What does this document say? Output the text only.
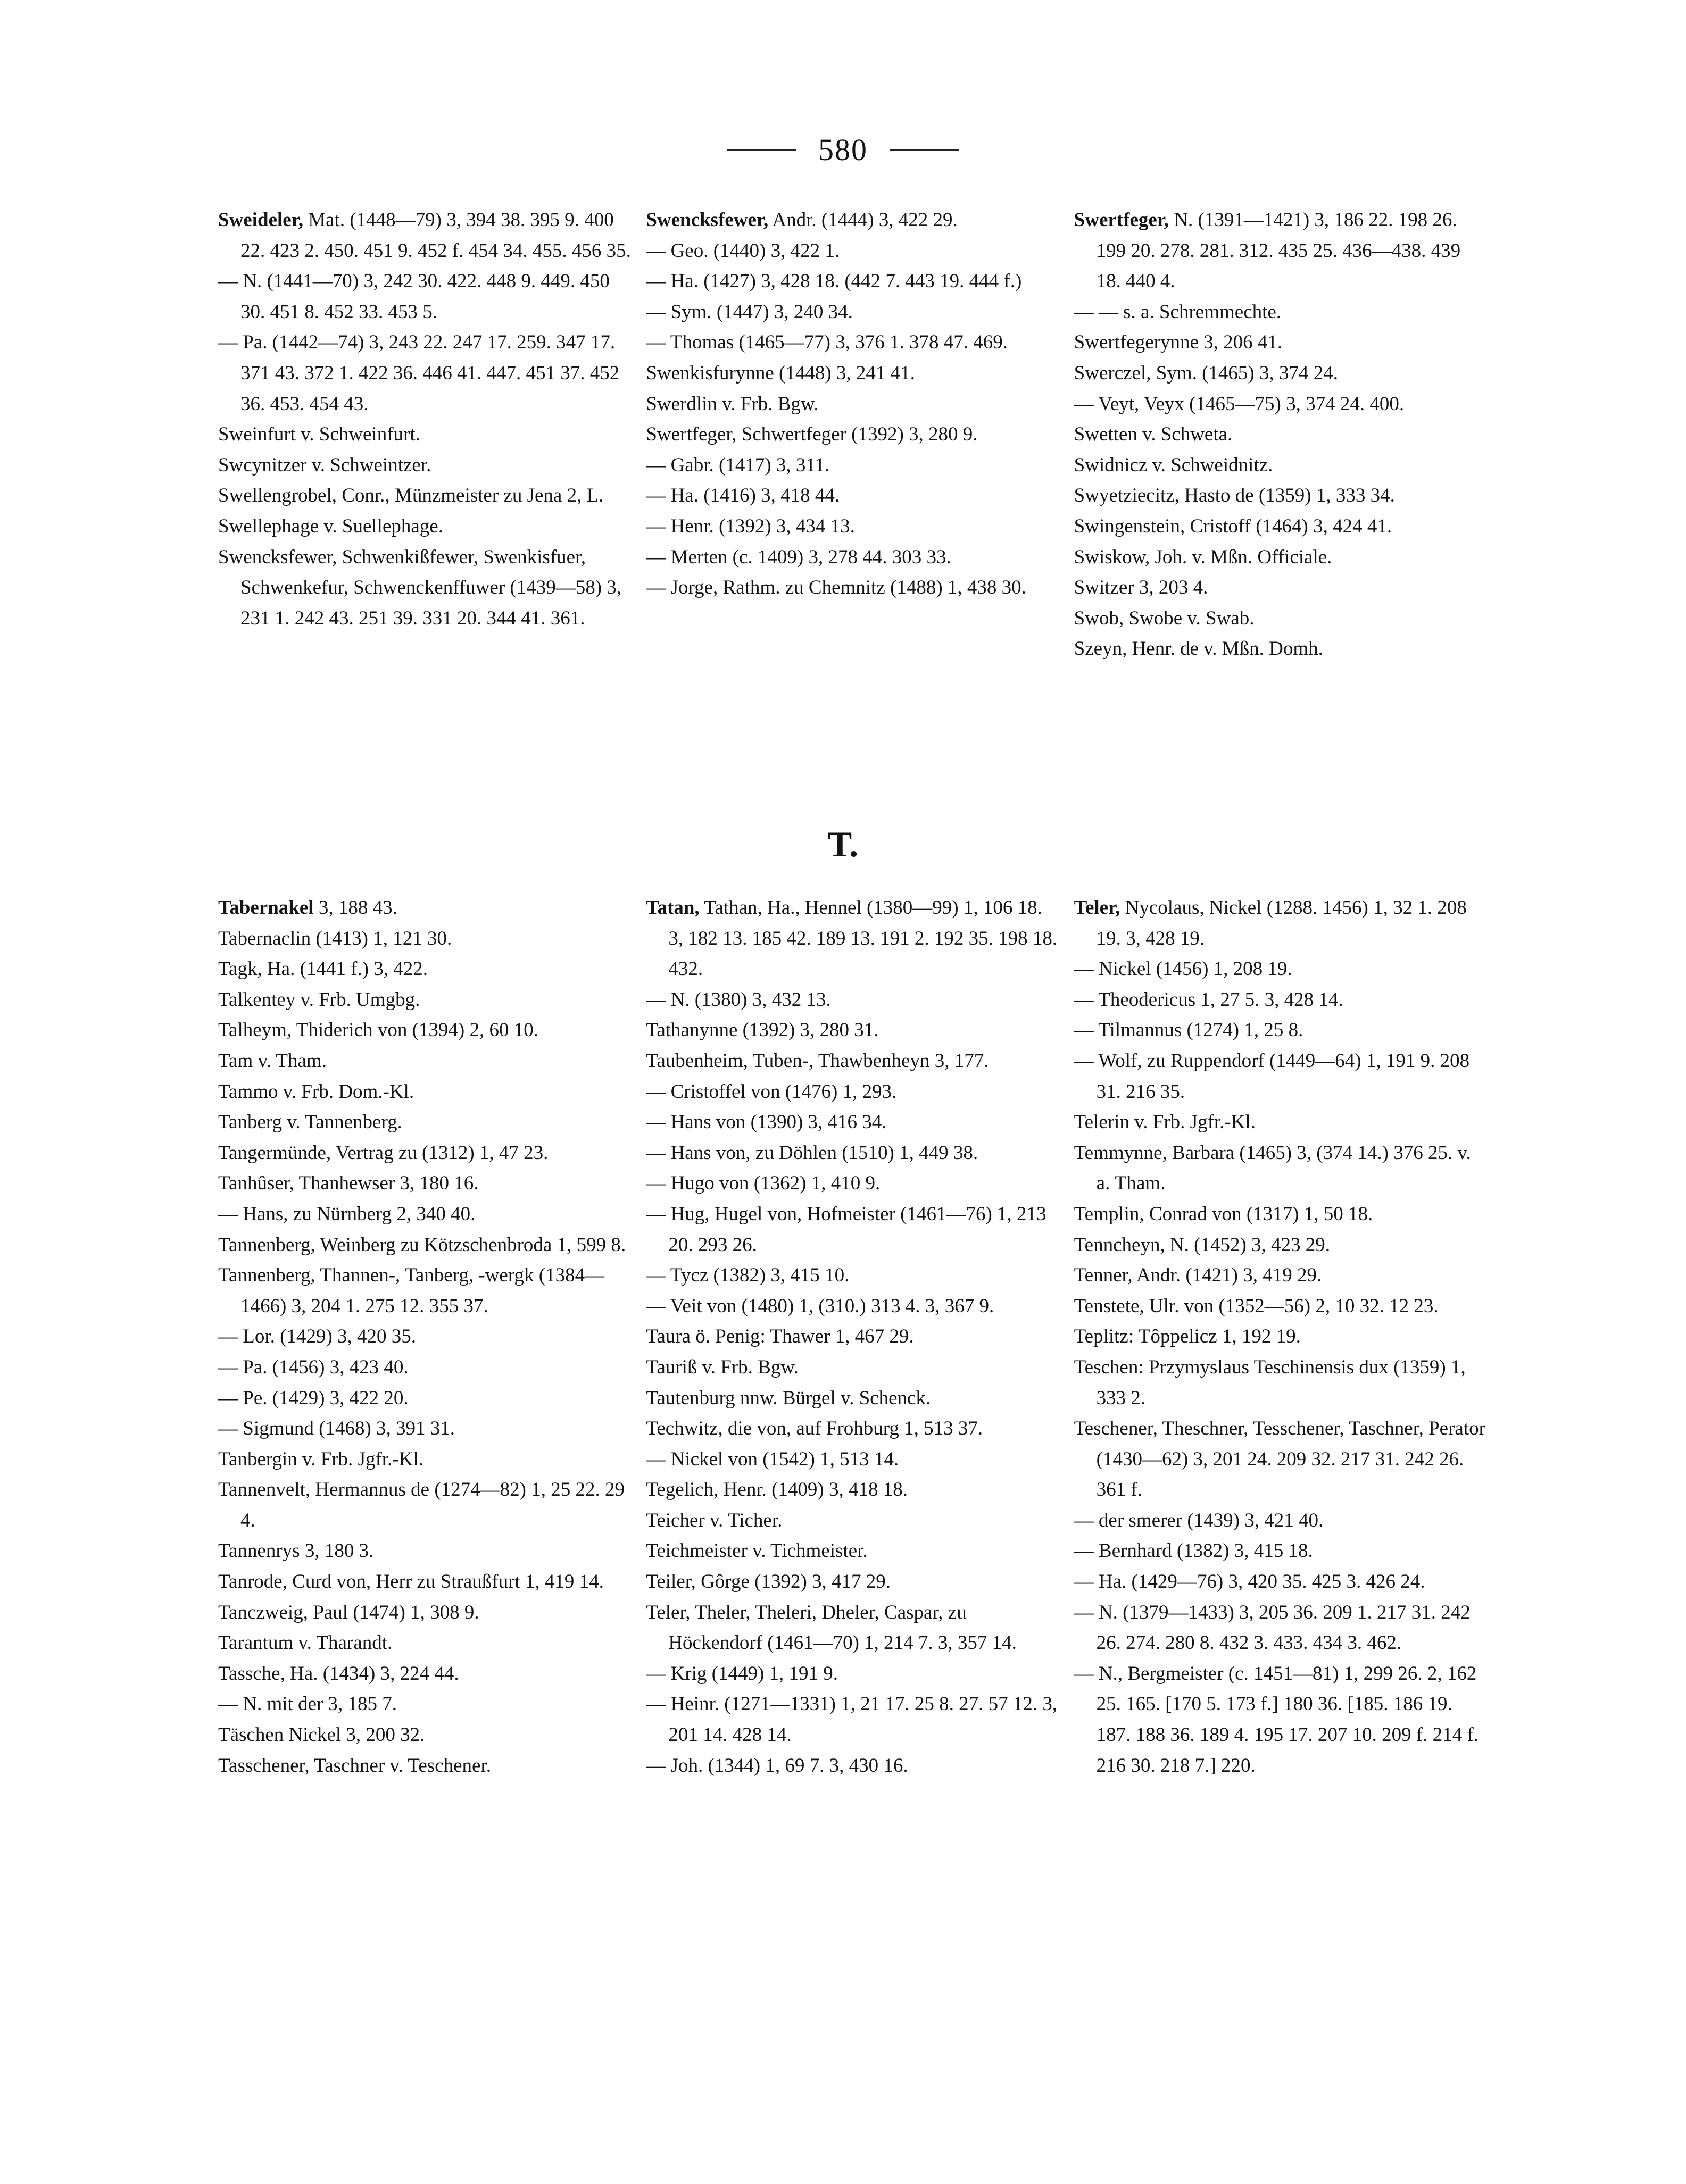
580
Sweideler, Mat. (1448—79) 3, 394 38. 395 9. 400 22. 423 2. 450. 451 9. 452 f. 454 34. 455. 456 35.
— N. (1441—70) 3, 242 30. 422. 448 9. 449. 450 30. 451 8. 452 33. 453 5.
— Pa. (1442—74) 3, 243 22. 247 17. 259. 347 17. 371 43. 372 1. 422 36. 446 41. 447. 451 37. 452 36. 453. 454 43.
Sweinfurt v. Schweinfurt.
Swcynitzer v. Schweintzer.
Swellengrobel, Conr., Münzmeister zu Jena 2, L.
Swellephage v. Suellephage.
Swencksfewer, Schwenkißfewer, Swenkisfuer, Schwenkefur, Schwenckenffuwer (1439—58) 3, 231 1. 242 43. 251 39. 331 20. 344 41. 361.
Swencksfewer, Andr. (1444) 3, 422 29.
— Geo. (1440) 3, 422 1.
— Ha. (1427) 3, 428 18. (442 7. 443 19. 444 f.)
— Sym. (1447) 3, 240 34.
— Thomas (1465—77) 3, 376 1. 378 47. 469.
Swenkisfurynne (1448) 3, 241 41.
Swerdlin v. Frb. Bgw.
Swertfeger, Schwertfeger (1392) 3, 280 9.
— Gabr. (1417) 3, 311.
— Ha. (1416) 3, 418 44.
— Henr. (1392) 3, 434 13.
— Merten (c. 1409) 3, 278 44. 303 33.
— Jorge, Rathm. zu Chemnitz (1488) 1, 438 30.
Swertfeger, N. (1391—1421) 3, 186 22. 198 26. 199 20. 278. 281. 312. 435 25. 436—438. 439 18. 440 4.
— — s. a. Schremmechte.
Swertfegerynne 3, 206 41.
Swerczel, Sym. (1465) 3, 374 24.
— Veyt, Veyx (1465—75) 3, 374 24. 400.
Swetten v. Schweta.
Swidnicz v. Schweidnitz.
Swyetziecitz, Hasto de (1359) 1, 333 34.
Swingenstein, Cristoff (1464) 3, 424 41.
Swiskow, Joh. v. Mßn. Officiale.
Switzer 3, 203 4.
Swob, Swobe v. Swab.
Szeyn, Henr. de v. Mßn. Domh.
T.
Tabernakel 3, 188 43.
Tabernaclin (1413) 1, 121 30.
Tagk, Ha. (1441 f.) 3, 422.
Talkentey v. Frb. Umgbg.
Talheym, Thiderich von (1394) 2, 60 10.
Tam v. Tham.
Tammo v. Frb. Dom.-Kl.
Tanberg v. Tannenberg.
Tangermünde, Vertrag zu (1312) 1, 47 23.
Tanhûser, Thanhewser 3, 180 16.
— Hans, zu Nürnberg 2, 340 40.
Tannenberg, Weinberg zu Kötzschenbroda 1, 599 8.
Tannenberg, Thannen-, Tanberg, -wergk (1384—1466) 3, 204 1. 275 12. 355 37.
— Lor. (1429) 3, 420 35.
— Pa. (1456) 3, 423 40.
— Pe. (1429) 3, 422 20.
— Sigmund (1468) 3, 391 31.
Tanbergin v. Frb. Jgfr.-Kl.
Tannenvelt, Hermannus de (1274—82) 1, 25 22. 29 4.
Tannenrys 3, 180 3.
Tanrode, Curd von, Herr zu Straußfurt 1, 419 14.
Tanczweig, Paul (1474) 1, 308 9.
Tarantum v. Tharandt.
Tassche, Ha. (1434) 3, 224 44.
— N. mit der 3, 185 7.
Täschen Nickel 3, 200 32.
Tasschener, Taschner v. Teschener.
Tatan, Tathan, Ha., Hennel (1380—99) 1, 106 18. 3, 182 13. 185 42. 189 13. 191 2. 192 35. 198 18. 432.
— N. (1380) 3, 432 13.
Tathanynne (1392) 3, 280 31.
Taubenheim, Tuben-, Thawbenheyn 3, 177.
— Cristoffel von (1476) 1, 293.
— Hans von (1390) 3, 416 34.
— Hans von, zu Döhlen (1510) 1, 449 38.
— Hugo von (1362) 1, 410 9.
— Hug, Hugel von, Hofmeister (1461—76) 1, 213 20. 293 26.
— Tycz (1382) 3, 415 10.
— Veit von (1480) 1, (310.) 313 4. 3, 367 9.
Taura ö. Penig: Thawer 1, 467 29.
Taurіß v. Frb. Bgw.
Tautenburg nnw. Bürgel v. Schenck.
Techwitz, die von, auf Frohburg 1, 513 37.
— Nickel von (1542) 1, 513 14.
Tegelich, Henr. (1409) 3, 418 18.
Teicher v. Ticher.
Teichmeister v. Tichmeister.
Teiler, Gôrge (1392) 3, 417 29.
Teler, Theler, Theleri, Dheler, Caspar, zu Höckendorf (1461—70) 1, 214 7. 3, 357 14.
— Krig (1449) 1, 191 9.
— Heinr. (1271—1331) 1, 21 17. 25 8. 27. 57 12. 3, 201 14. 428 14.
— Joh. (1344) 1, 69 7. 3, 430 16.
Teler, Nycolaus, Nickel (1288. 1456) 1, 32 1. 208 19. 3, 428 19.
— Nickel (1456) 1, 208 19.
— Theodericus 1, 27 5. 3, 428 14.
— Tilmannus (1274) 1, 25 8.
— Wolf, zu Ruppendorf (1449—64) 1, 191 9. 208 31. 216 35.
Telerin v. Frb. Jgfr.-Kl.
Temmynne, Barbara (1465) 3, (374 14.) 376 25. v. a. Tham.
Templin, Conrad von (1317) 1, 50 18.
Tenncheyn, N. (1452) 3, 423 29.
Tenner, Andr. (1421) 3, 419 29.
Tenstete, Ulr. von (1352—56) 2, 10 32. 12 23.
Teplitz: Tôppelicz 1, 192 19.
Teschen: Przymyslaus Teschinensis dux (1359) 1, 333 2.
Teschener, Theschner, Tesschener, Taschner, Perator (1430—62) 3, 201 24. 209 32. 217 31. 242 26. 361 f.
— der smerer (1439) 3, 421 40.
— Bernhard (1382) 3, 415 18.
— Ha. (1429—76) 3, 420 35. 425 3. 426 24.
— N. (1379—1433) 3, 205 36. 209 1. 217 31. 242 26. 274. 280 8. 432 3. 433. 434 3. 462.
— N., Bergmeister (c. 1451—81) 1, 299 26. 2, 162 25. 165. [170 5. 173 f.] 180 36. [185. 186 19. 187. 188 36. 189 4. 195 17. 207 10. 209 f. 214 f. 216 30. 218 7.] 220.
